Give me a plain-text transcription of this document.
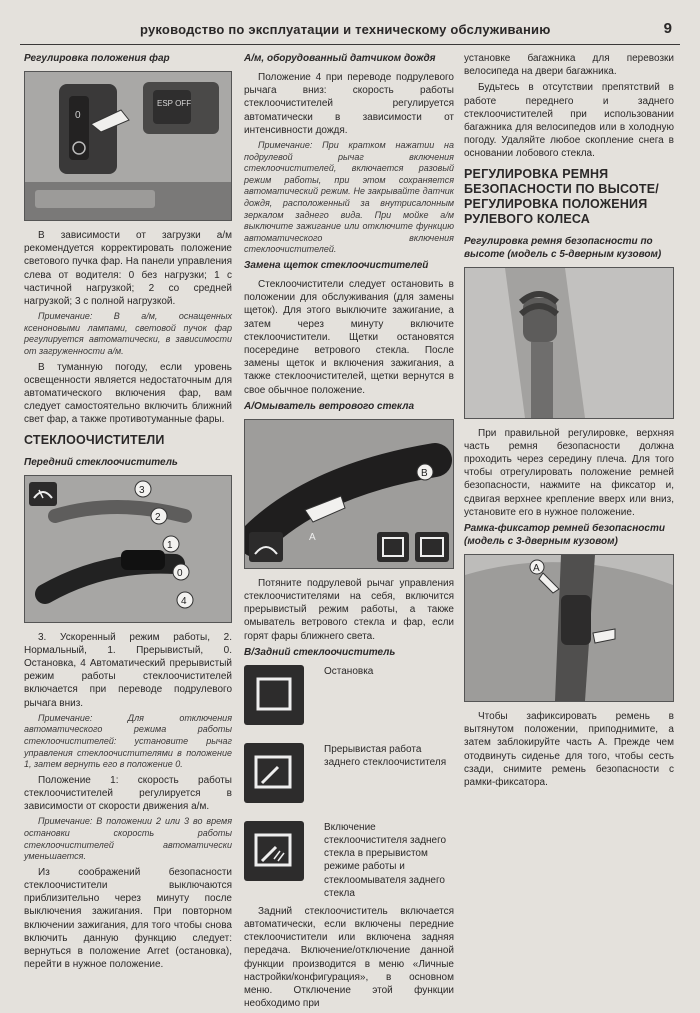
руководство по эксплуатации и техническому обслуживанию	9
Регулировка положения фар
0
ESP OFF

В зависимости от загрузки а/м рекомендуется корректировать положение светового пучка фар. На панели управления слева от водителя: 0 без нагрузки; 1 с частичной нагрузкой; 2 со средней нагрузкой; 3 с полной нагрузкой.

Примечание: В а/м, оснащенных ксеноновыми лампами, световой пучок фар регулируется автоматически, в зависимости от загруженности а/м.

В туманную погоду, если уровень освещенности является недостаточным для автоматического включения фар, вам следует самостоятельно включить ближний свет фар, а также противотуманные фары.

СТЕКЛООЧИСТИТЕЛИ
Передний стеклоочиститель
3
2
1
0
4

3. Ускоренный режим работы, 2. Нормальный, 1. Прерывистый, 0. Остановка, 4 Автоматический прерывистый режим работы стеклоочистителей включается при переводе подрулевого рычага вниз.

Примечание: Для отключения автоматического режима работы стеклоочистителей: установите рычаг управления стеклоочистителями в положение 1, затем вернуть его в положение 0.

Положение 1: скорость работы стеклоочистителей регулируется в зависимости от скорости движения а/м.

Примечание: В положении 2 или 3 во время остановки скорость работы стеклоочистителей автоматически уменьшается.

Из соображений безопасности стеклоочистители выключаются приблизительно через минуту после выключения зажигания. При повторном включении зажигания, для того чтобы снова включить данную функцию следует: вернуться в положение Arret (остановка), перейти в нужное положение.

А/м, оборудованный датчиком дождя

Положение 4 при переводе подрулевого рычага вниз: скорость работы стеклоочистителей регулируется автоматически в зависимости от интенсивности дождя.

Примечание: При кратком нажатии на подрулевой рычаг включения стеклоочистителей, включается разовый режим работы, при этом сохраняется автоматический режим. Не закрывайте датчик дождя, расположенный за внутрисалонным зеркалом заднего вида. При мойке а/м выключите зажигание или отключите функцию автоматического включения стеклоочистителей.

Замена щеток стеклоочистителей

Стеклоочистители следует остановить в положении для обслуживания (для замены щеток). Для этого выключите зажигание, а затем через минуту включите стеклоочистители. Щетки остановятся посередине ветрового стекла. После замены щеток и включения зажигания, а также стеклоочистителей, щетки вернутся в свое обычное положение.

А/Омыватель ветрового стекла
B
A

Потяните подрулевой рычаг управления стеклоочистителями на себя, включится прерывистый режим работы, а также омыватель ветрового стекла и фар, если горят фары ближнего света.

В/Задний стеклоочиститель
Остановка
Прерывистая работа заднего стеклоочистителя
Включение стеклоочистителя заднего стекла в прерывистом режиме работы и стеклоомывателя заднего стекла

Задний стеклоочиститель включается автоматически, если включены передние стеклоочистители или включена задняя передача. Включение/отключение данной функции производится в меню «Личные настройки/конфигурация», в основном меню. Отключение этой функции необходимо при

установке багажника для перевозки велосипеда на двери багажника.

Будьтесь в отсутствии препятствий в работе переднего и заднего стеклоочистителей при использовании багажника для велосипедов или в холодную погоду. Удаляйте любое скопление снега в основании лобового стекла.

РЕГУЛИРОВКА РЕМНЯ БЕЗОПАСНОСТИ ПО ВЫСОТЕ/РЕГУЛИРОВКА ПОЛОЖЕНИЯ РУЛЕВОГО КОЛЕСА
Регулировка ремня безопасности по высоте (модель с 5-дверным кузовом)

При правильной регулировке, верхняя часть ремня безопасности должна проходить через середину плеча. Для того чтобы отрегулировать положение ремней безопасности, нажмите на фиксатор и, сдвигая верхнее крепление вверх или вниз, установите его в нужное положение.

Рамка-фиксатор ремней безопасности (модель с 3-дверным кузовом)
A

Чтобы зафиксировать ремень в вытянутом положении, приподнимите, а затем заблокируйте часть А. Прежде чем отодвинуть сиденье для того, чтобы сесть сзади, снимите ремень безопасности с рамки-фиксатора.
